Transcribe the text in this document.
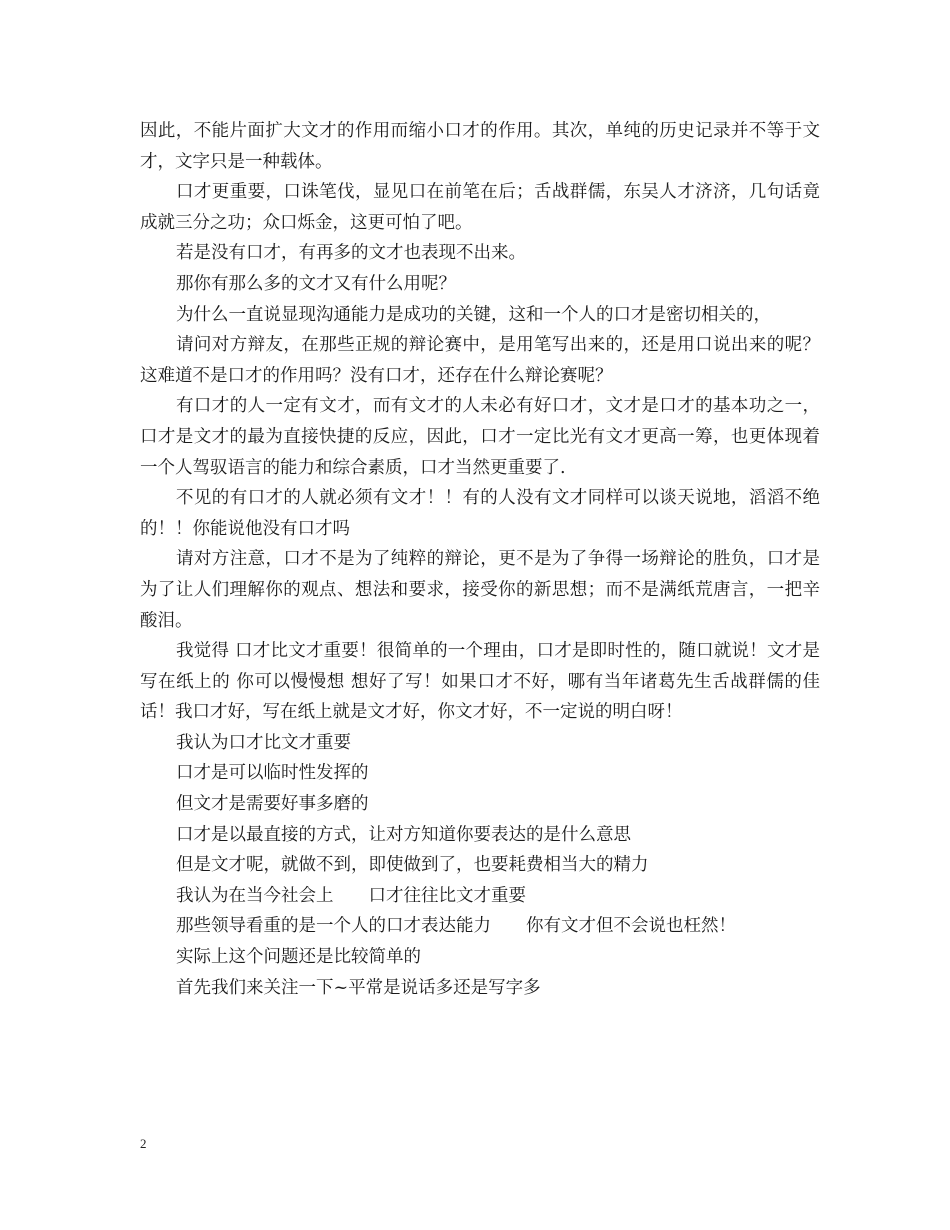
因此，不能片面扩大文才的作用而缩小口才的作用。其次，单纯的历史记录并不等于文才，文字只是一种载体。

口才更重要，口诛笔伐，显见口在前笔在后；舌战群儒，东吴人才济济，几句话竟成就三分之功；众口烁金，这更可怕了吧。

若是没有口才，有再多的文才也表现不出来。

那你有那么多的文才又有什么用呢？

为什么一直说显现沟通能力是成功的关键，这和一个人的口才是密切相关的，

请问对方辩友，在那些正规的辩论赛中，是用笔写出来的，还是用口说出来的呢？这难道不是口才的作用吗？没有口才，还存在什么辩论赛呢？

有口才的人一定有文才，而有文才的人未必有好口才，文才是口才的基本功之一，口才是文才的最为直接快捷的反应，因此，口才一定比光有文才更高一筹，也更体现着一个人驾驭语言的能力和综合素质，口才当然更重要了.

不见的有口才的人就必须有文才！！有的人没有文才同样可以谈天说地，滔滔不绝的！！你能说他没有口才吗

请对方注意，口才不是为了纯粹的辩论，更不是为了争得一场辩论的胜负，口才是为了让人们理解你的观点、想法和要求，接受你的新思想；而不是满纸荒唐言，一把辛酸泪。

我觉得 口才比文才重要！很简单的一个理由，口才是即时性的，随口就说！文才是写在纸上的 你可以慢慢想 想好了写！如果口才不好，哪有当年诸葛先生舌战群儒的佳话！我口才好，写在纸上就是文才好，你文才好，不一定说的明白呀！

我认为口才比文才重要

口才是可以临时性发挥的

但文才是需要好事多磨的

口才是以最直接的方式，让对方知道你要表达的是什么意思

但是文才呢，就做不到，即使做到了，也要耗费相当大的精力

我认为在当今社会上　　口才往往比文才重要

那些领导看重的是一个人的口才表达能力　　你有文才但不会说也枉然！

实际上这个问题还是比较简单的

首先我们来关注一下~平常是说话多还是写字多

2
